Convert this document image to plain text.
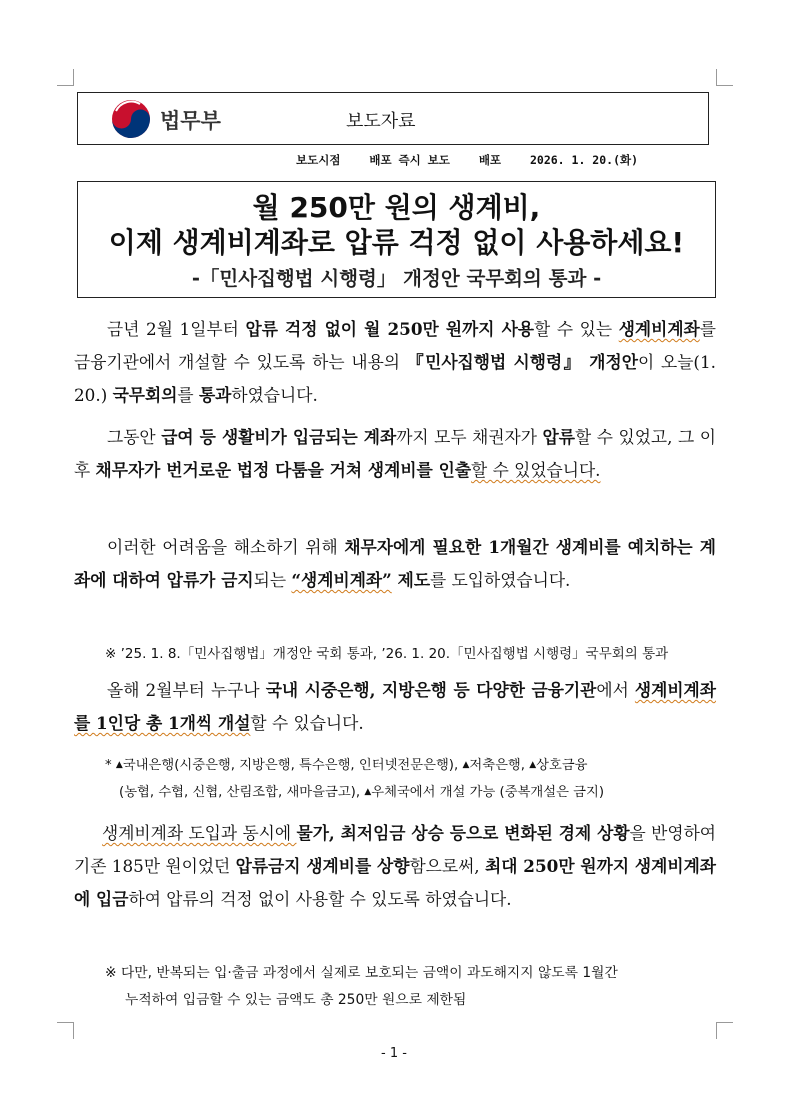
법무부	보도자료
보도시점	배포 즉시 보도	배포	2026. 1. 20.(화)
월 250만 원의 생계비,
이제 생계비계좌로 압류 걱정 없이 사용하세요!
-「민사집행법 시행령」 개정안 국무회의 통과 -
금년 2월 1일부터 압류 걱정 없이 월 250만 원까지 사용할 수 있는 생계비계좌를 금융기관에서 개설할 수 있도록 하는 내용의 『민사집행법 시행령』 개정안이 오늘(1. 20.) 국무회의를 통과하였습니다.
그동안 급여 등 생활비가 입금되는 계좌까지 모두 채권자가 압류할 수 있었고, 그 이후 채무자가 번거로운 법정 다툼을 거쳐 생계비를 인출할 수 있었습니다.
이러한 어려움을 해소하기 위해 채무자에게 필요한 1개월간 생계비를 예치하는 계좌에 대하여 압류가 금지되는 “생계비계좌” 제도를 도입하였습니다.
※ ’25. 1. 8.「민사집행법」개정안 국회 통과, ’26. 1. 20.「민사집행법 시행령」국무회의 통과
올해 2월부터 누구나 국내 시중은행, 지방은행 등 다양한 금융기관에서 생계비계좌를 1인당 총 1개씩 개설할 수 있습니다.
* ▲국내은행(시중은행, 지방은행, 특수은행, 인터넷전문은행), ▲저축은행, ▲상호금융
(농협, 수협, 신협, 산림조합, 새마을금고), ▲우체국에서 개설 가능 (중복개설은 금지)
생계비계좌 도입과 동시에 물가, 최저임금 상승 등으로 변화된 경제 상황을 반영하여 기존 185만 원이었던 압류금지 생계비를 상향함으로써, 최대 250만 원까지 생계비계좌에 입금하여 압류의 걱정 없이 사용할 수 있도록 하였습니다.
※ 다만, 반복되는 입·출금 과정에서 실제로 보호되는 금액이 과도해지지 않도록 1월간
누적하여 입금할 수 있는 금액도 총 250만 원으로 제한됨
- 1 -
